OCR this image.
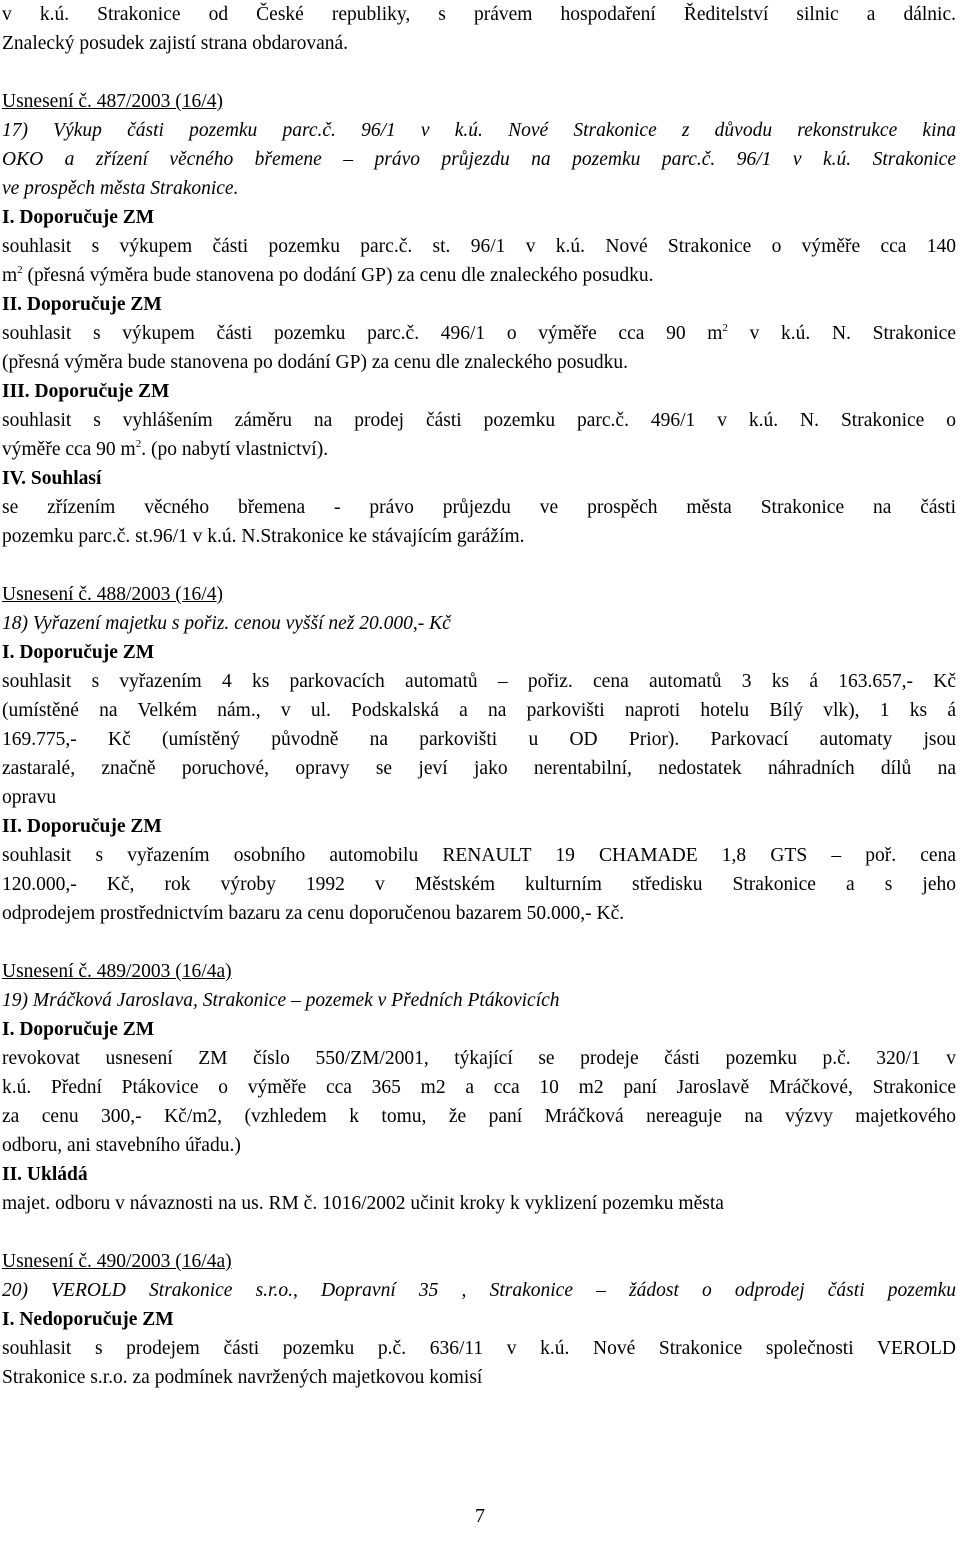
v k.ú. Strakonice od České republiky, s právem hospodaření Ředitelství silnic a dálnic.

Znalecký posudek zajistí strana obdarovaná.

Usnesení č. 487/2003 (16/4)

17) Výkup části pozemku parc.č. 96/1 v k.ú. Nové Strakonice z důvodu rekonstrukce kina

OKO a zřízení věcného břemene – právo průjezdu na pozemku parc.č. 96/1 v k.ú. Strakonice

ve prospěch města Strakonice.

I. Doporučuje ZM

souhlasit s výkupem části pozemku parc.č. st. 96/1 v k.ú. Nové Strakonice o výměře cca 140

$m^2$ (přesná výměra bude stanovena po dodání GP) za cenu dle znaleckého posudku.

II. Doporučuje ZM

souhlasit s výkupem části pozemku parc.č. 496/1 o výměře cca 90 $m^2$ v k.ú. N. Strakonice

(přesná výměra bude stanovena po dodání GP) za cenu dle znaleckého posudku.

III. Doporučuje ZM

souhlasit s vyhlášením záměru na prodej části pozemku parc.č. 496/1 v k.ú. N. Strakonice o

výměře cca 90 $m^2$. (po nabytí vlastnictví).

IV. Souhlasí

se zřízením věcného břemena - právo průjezdu ve prospěch města Strakonice na části

pozemku parc.č. st.96/1 v k.ú. N.Strakonice ke stávajícím garážím.

Usnesení č. 488/2003 (16/4)

18) Vyřazení majetku s pořiz. cenou vyšší než 20.000,- Kč

I. Doporučuje ZM

souhlasit s vyřazením 4 ks parkovacích automatů – pořiz. cena automatů 3 ks á 163.657,- Kč

(umístěné na Velkém nám., v ul. Podskalská a na parkovišti naproti hotelu Bílý vlk), 1 ks á

169.775,- Kč (umístěný původně na parkovišti u OD Prior). Parkovací automaty jsou

zastaralé, značně poruchové, opravy se jeví jako nerentabilní, nedostatek náhradních dílů na

opravu

II. Doporučuje ZM

souhlasit s vyřazením osobního automobilu RENAULT 19 CHAMADE 1,8 GTS – poř. cena

120.000,- Kč, rok výroby 1992 v Městském kulturním středisku Strakonice a s jeho

odprodejem prostřednictvím bazaru za cenu doporučenou bazarem 50.000,- Kč.

Usnesení č. 489/2003 (16/4a)

19) Mráčková Jaroslava, Strakonice – pozemek v Předních Ptákovicích

I. Doporučuje ZM

revokovat usnesení ZM číslo 550/ZM/2001, týkající se prodeje části pozemku p.č. 320/1 v

k.ú. Přední Ptákovice o výměře cca 365 m2 a cca 10 m2 paní Jaroslavě Mráčkové, Strakonice

za cenu 300,- Kč/m2, (vzhledem k tomu, že paní Mráčková nereaguje na výzvy majetkového

odboru, ani stavebního úřadu.)

II. Ukládá

majet. odboru v návaznosti na us. RM č. 1016/2002 učinit kroky k vyklizení pozemku města

Usnesení č. 490/2003 (16/4a)

20) VEROLD Strakonice s.r.o., Dopravní 35 , Strakonice – žádost o odprodej části pozemku

I. Nedoporučuje ZM

souhlasit s prodejem části pozemku p.č. 636/11 v k.ú. Nové Strakonice společnosti VEROLD

Strakonice s.r.o. za podmínek navržených majetkovou komisí

7
